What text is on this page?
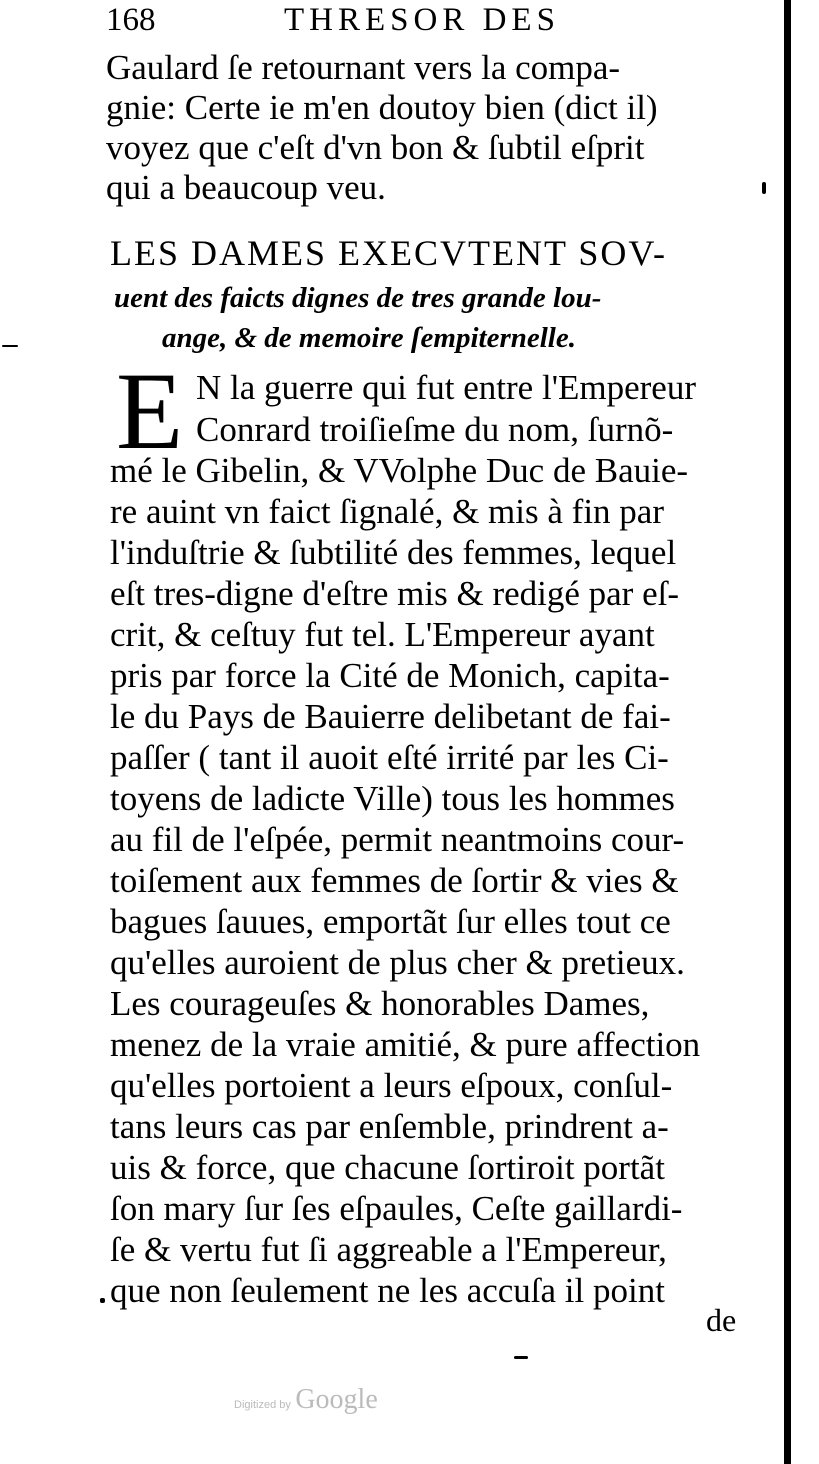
168	THRESOR DES
Gaulard ſe retournant vers la compa-
gnie: Certe ie m'en doutoy bien (dict il)
voyez que c'eſt d'vn bon & ſubtil eſprit
qui a beaucoup veu.
LES DAMES EXECVTENT SOV-
uent des faicts dignes de tres grande lou-
ange, & de memoire ſempiternelle.
E N la guerre qui fut entre l'Empereur
Conrard troiſieſme du nom, ſurnõ-
mé le Gibelin, & VVolphe Duc de Bauie-
re auint vn faict ſignalé, & mis à fin par
l'induſtrie & ſubtilité des femmes, lequel
eſt tres-digne d'eſtre mis & redigé par eſ-
crit, & ceſtuy fut tel. L'Empereur ayant
pris par force la Cité de Monich, capita-
le du Pays de Bauierre delibetant de fai-
paſſer ( tant il auoit eſté irrité par les Ci-
toyens de ladicte Ville) tous les hommes
au fil de l'eſpée, permit neantmoins cour-
toiſement aux femmes de ſortir & vies &
bagues ſauues, emportãt ſur elles tout ce
qu'elles auroient de plus cher & pretieux.
Les courageuſes & honorables Dames,
menez de la vraie amitié, & pure affection
qu'elles portoient a leurs eſpoux, conſul-
tans leurs cas par enſemble, prindrent a-
uis & force, que chacune ſortiroit portãt
ſon mary ſur ſes eſpaules, Ceſte gaillardi-
ſe & vertu fut ſi aggreable a l'Empereur,
que non ſeulement ne les accuſa il point
de
Digitized by Google
